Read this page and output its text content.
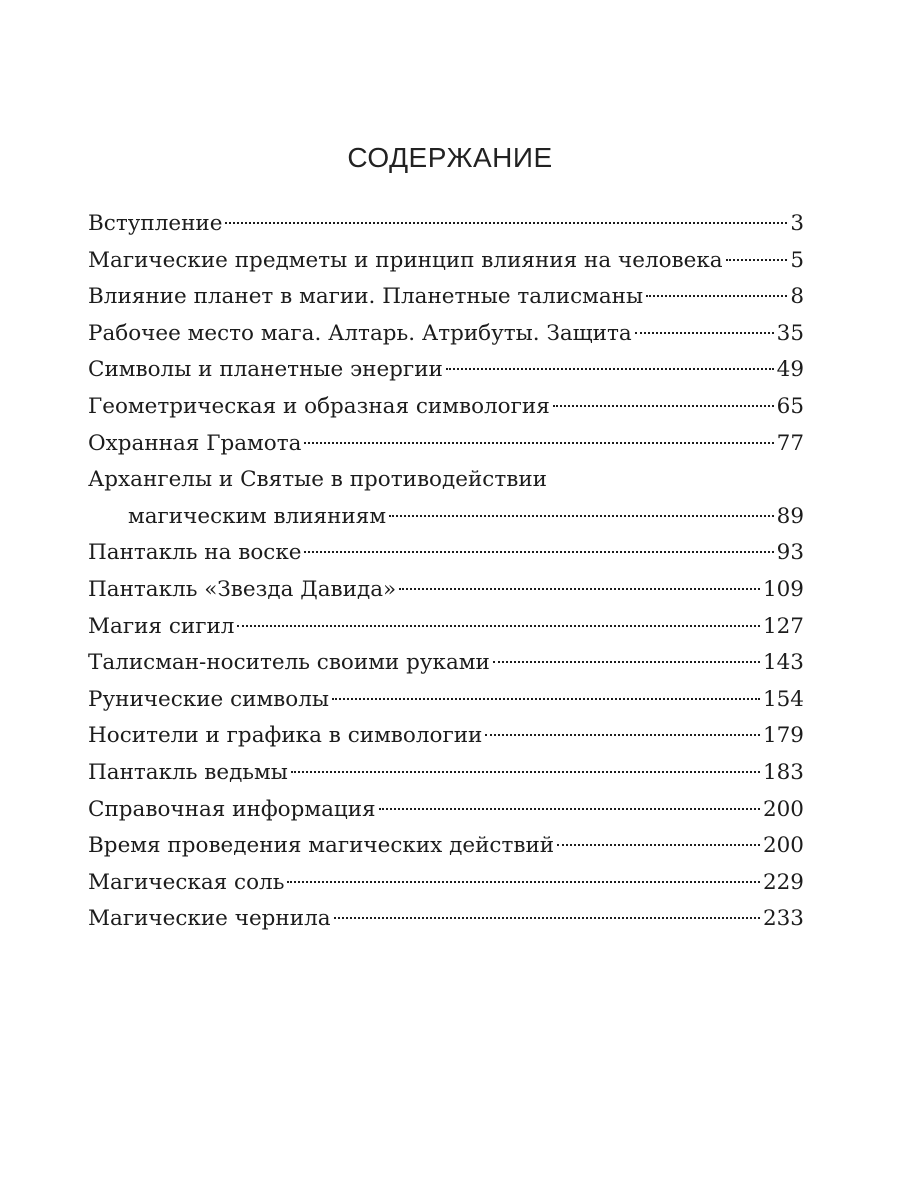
СОДЕРЖАНИЕ
Вступление	3
Магические предметы и принцип влияния на человека	5
Влияние планет в магии. Планетные талисманы	8
Рабочее место мага. Алтарь. Атрибуты. Защита	35
Символы и планетные энергии	49
Геометрическая и образная симвология	65
Охранная Грамота	77
Архангелы и Святые в противодействии
магическим влияниям	89
Пантакль на воске	93
Пантакль «Звезда Давида»	109
Магия сигил	127
Талисман-носитель своими руками	143
Рунические символы	154
Носители и графика в символогии	179
Пантакль ведьмы	183
Справочная информация	200
Время проведения магических действий	200
Магическая соль	229
Магические чернила	233
